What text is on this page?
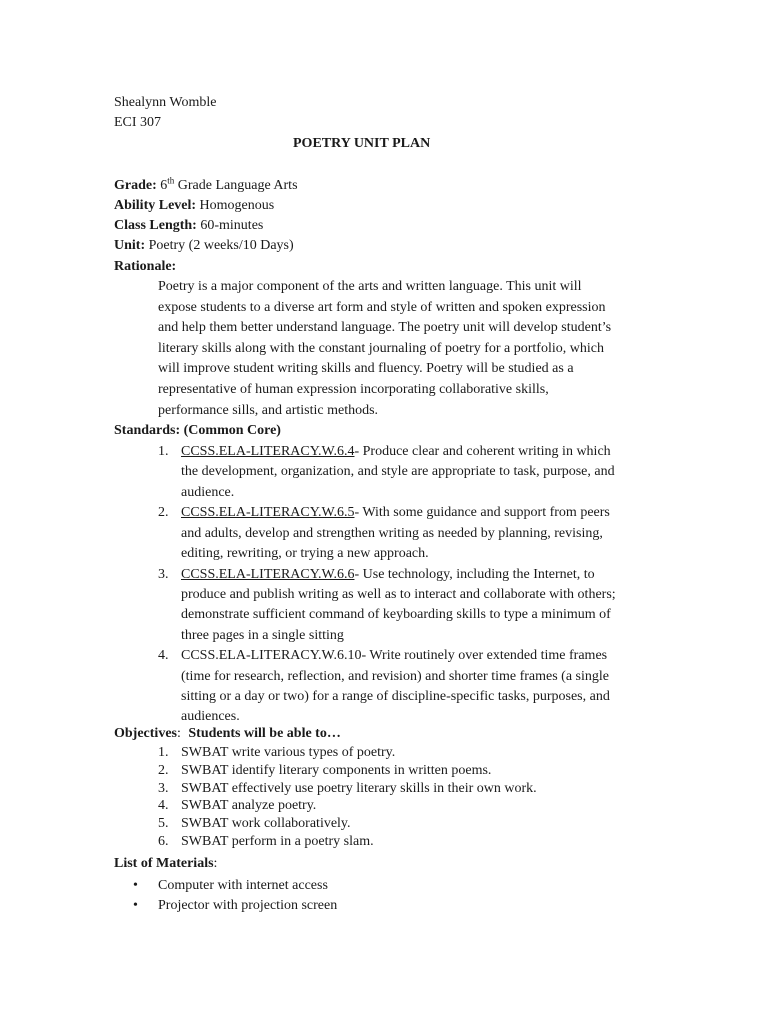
Shealynn Womble
ECI 307
POETRY UNIT PLAN
Grade: 6th Grade Language Arts
Ability Level: Homogenous
Class Length: 60-minutes
Unit: Poetry (2 weeks/10 Days)
Rationale:
Poetry is a major component of the arts and written language. This unit will
expose students to a diverse art form and style of written and spoken expression
and help them better understand language. The poetry unit will develop student’s
literary skills along with the constant journaling of poetry for a portfolio, which
will improve student writing skills and fluency. Poetry will be studied as a
representative of human expression incorporating collaborative skills,
performance sills, and artistic methods.
Standards: (Common Core)
1. CCSS.ELA-LITERACY.W.6.4- Produce clear and coherent writing in which
the development, organization, and style are appropriate to task, purpose, and
audience.
2. CCSS.ELA-LITERACY.W.6.5- With some guidance and support from peers
and adults, develop and strengthen writing as needed by planning, revising,
editing, rewriting, or trying a new approach.
3. CCSS.ELA-LITERACY.W.6.6- Use technology, including the Internet, to
produce and publish writing as well as to interact and collaborate with others;
demonstrate sufficient command of keyboarding skills to type a minimum of
three pages in a single sitting
4. CCSS.ELA-LITERACY.W.6.10- Write routinely over extended time frames
(time for research, reflection, and revision) and shorter time frames (a single
sitting or a day or two) for a range of discipline-specific tasks, purposes, and
audiences.
Objectives: Students will be able to…
1. SWBAT write various types of poetry.
2. SWBAT identify literary components in written poems.
3. SWBAT effectively use poetry literary skills in their own work.
4. SWBAT analyze poetry.
5. SWBAT work collaboratively.
6. SWBAT perform in a poetry slam.
List of Materials:
• Computer with internet access
• Projector with projection screen
